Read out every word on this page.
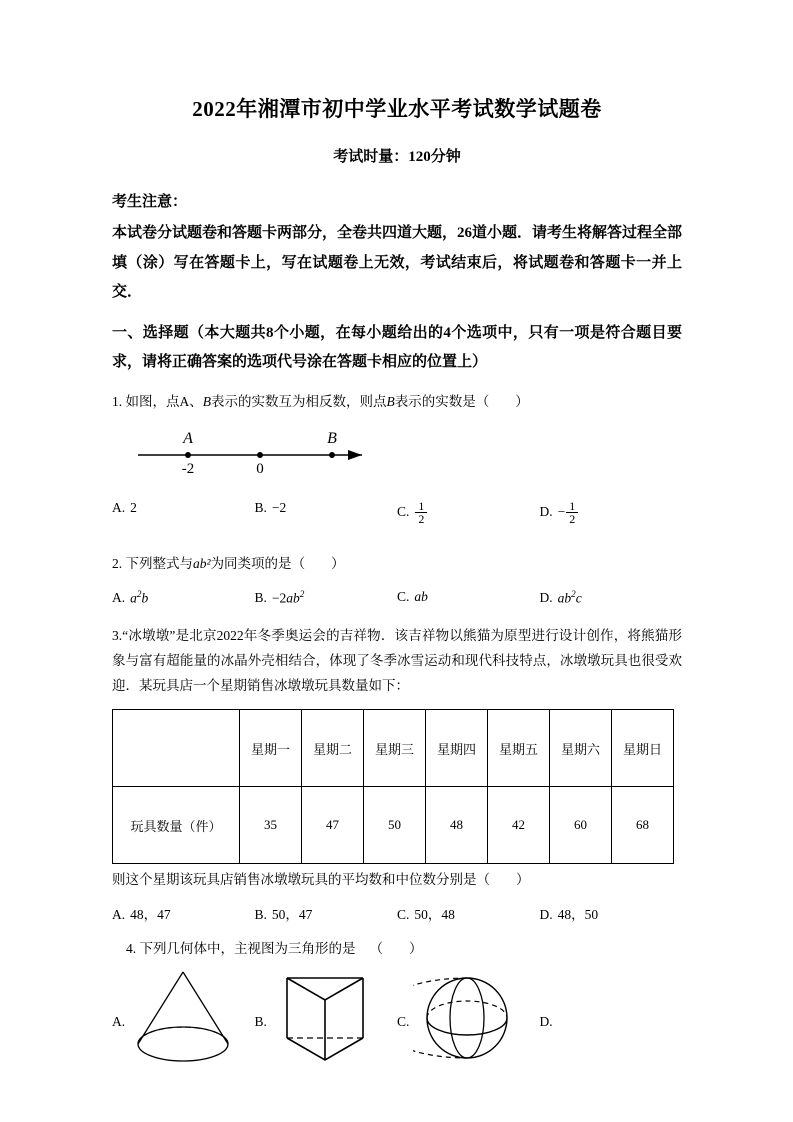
2022年湘潭市初中学业水平考试数学试题卷
考试时量：120分钟
考生注意：
本试卷分试题卷和答题卡两部分，全卷共四道大题，26道小题．请考生将解答过程全部填（涂）写在答题卡上，写在试题卷上无效，考试结束后，将试题卷和答题卡一并上交．
一、选择题（本大题共8个小题，在每小题给出的4个选项中，只有一项是符合题目要求，请将正确答案的选项代号涂在答题卡相应的位置上）
1. 如图，点A、B表示的实数互为相反数，则点B表示的实数是（  ）
A	B
-2	0
A. 2	B. −2	C. $\frac{1}{2}$	D. − $\frac{1}{2}$
2. 下列整式与ab²为同类项的是（  ）
A. $a^2b$	B. $-2ab^2$	C. ab	D. $ab^2c$
3.“冰墩墩”是北京2022年冬季奥运会的吉祥物．该吉祥物以熊猫为原型进行设计创作，将熊猫形象与富有超能量的冰晶外壳相结合，体现了冬季冰雪运动和现代科技特点，冰墩墩玩具也很受欢迎．某玩具店一个星期销售冰墩墩玩具数量如下：
	星期一	星期二	星期三	星期四	星期五	星期六	星期日
玩具数量（件）	35	47	50	48	42	60	68
则这个星期该玩具店销售冰墩墩玩具的平均数和中位数分别是（  ）
A. 48，47	B. 50，47	C. 50，48	D. 48，50
4. 下列几何体中，主视图为三角形的是（  ）
A.	B.	C.	D.
